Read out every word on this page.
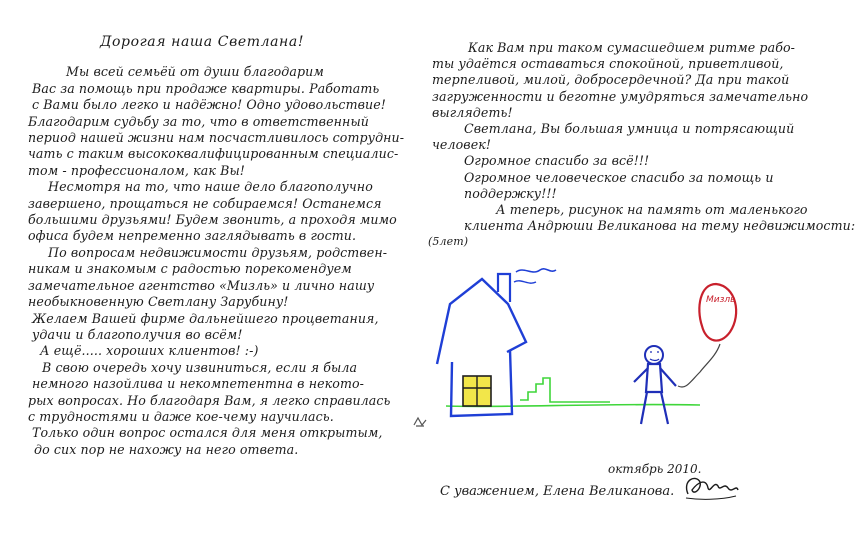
Дорогая наша Светлана!
Мы всей семьёй от души благодарим
Вас за помощь при продаже квартиры. Работать
с Вами было легко и надёжно! Одно удовольствие!
Благодарим судьбу за то, что в ответственный
период нашей жизни нам посчастливилось сотрудни-
чать с таким высококвалифицированным специалис-
том - профессионалом, как Вы!
Несмотря на то, что наше дело благополучно
завершено, прощаться не собираемся! Останемся
большими друзьями! Будем звонить, а проходя мимо
офиса будем непременно заглядывать в гости.
По вопросам недвижимости друзьям, родствен-
никам и знакомым с радостью порекомендуем
замечательное агентство «Мизль» и лично нашу
необыкновенную Светлану Зарубину!
Желаем Вашей фирме дальнейшего процветания,
удачи и благополучия во всём!
А ещё..... хороших клиентов! :-)
В свою очередь хочу извиниться, если я была
немного назойлива и некомпетентна в некото-
рых вопросах. Но благодаря Вам, я легко справилась
с трудностями и даже кое-чему научилась.
Только один вопрос остался для меня открытым,
до сих пор не нахожу на него ответа.
Как Вам при таком сумасшедшем ритме рабо-
ты удаётся оставаться спокойной, приветливой,
терпеливой, милой, добросердечной? Да при такой
загруженности и беготне умудряться замечательно
выглядеть!
Светлана, Вы большая умница и потрясающий
человек!
Огромное спасибо за всё!!!
Огромное человеческое спасибо за помощь и
поддержку!!!
А теперь, рисунок на память от маленького
клиента Андрюши Великанова на тему недвижимости:
(5лет)
Мизль
октябрь 2010.
С уважением, Елена Великанова.
